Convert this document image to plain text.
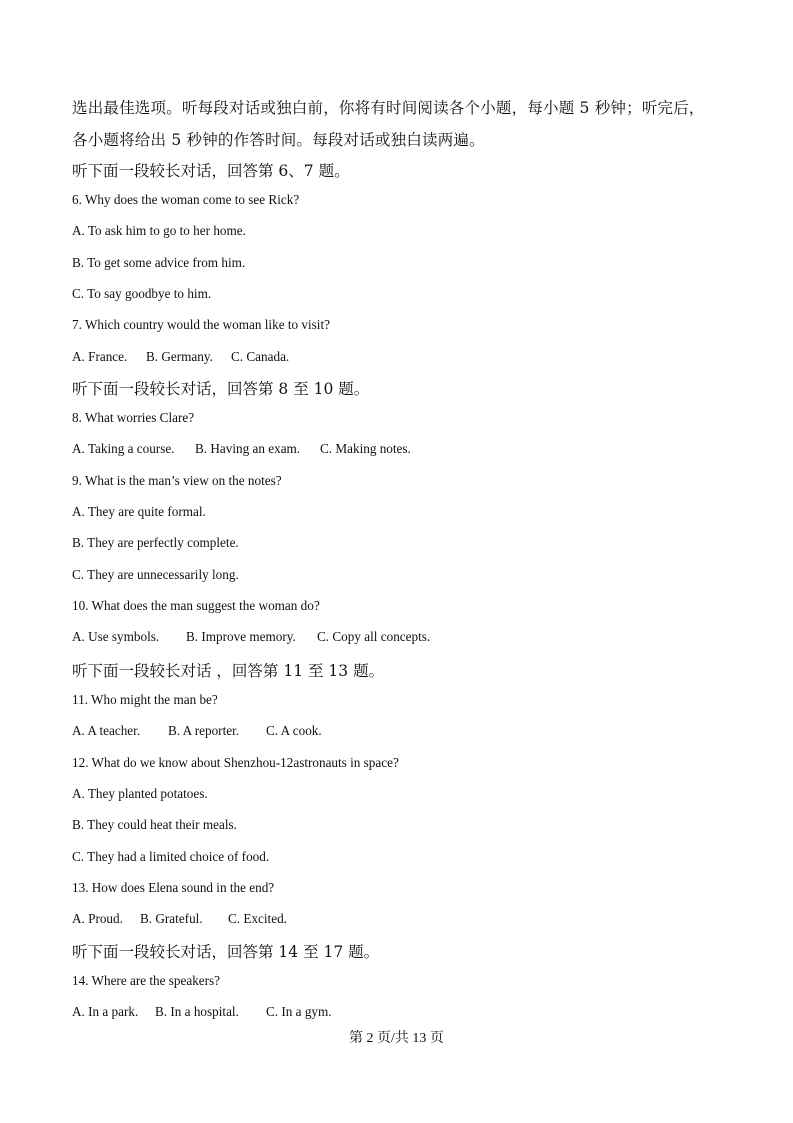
选出最佳选项。听每段对话或独白前，你将有时间阅读各个小题，每小题 5 秒钟；听完后，
各小题将给出 5 秒钟的作答时间。每段对话或独白读两遍。
听下面一段较长对话，回答第 6、7 题。
6. Why does the woman come to see Rick?
A. To ask him to go to her home.
B. To get some advice from him.
C. To say goodbye to him.
7. Which country would the woman like to visit?
A. France. B. Germany. C. Canada.
听下面一段较长对话，回答第 8 至 10 题。
8. What worries Clare?
A. Taking a course. B. Having an exam. C. Making notes.
9. What is the man’s view on the notes?
A. They are quite formal.
B. They are perfectly complete.
C. They are unnecessarily long.
10. What does the man suggest the woman do?
A. Use symbols. B. Improve memory. C. Copy all concepts.
听下面一段较长对话 ，回答第 11 至 13 题。
11. Who might the man be?
A. A teacher. B. A reporter. C. A cook.
12. What do we know about Shenzhou-12astronauts in space?
A. They planted potatoes.
B. They could heat their meals.
C. They had a limited choice of food.
13. How does Elena sound in the end?
A. Proud. B. Grateful. C. Excited.
听下面一段较长对话，回答第 14 至 17 题。
14. Where are the speakers?
A. In a park. B. In a hospital. C. In a gym.
第 2 页/共 13 页
